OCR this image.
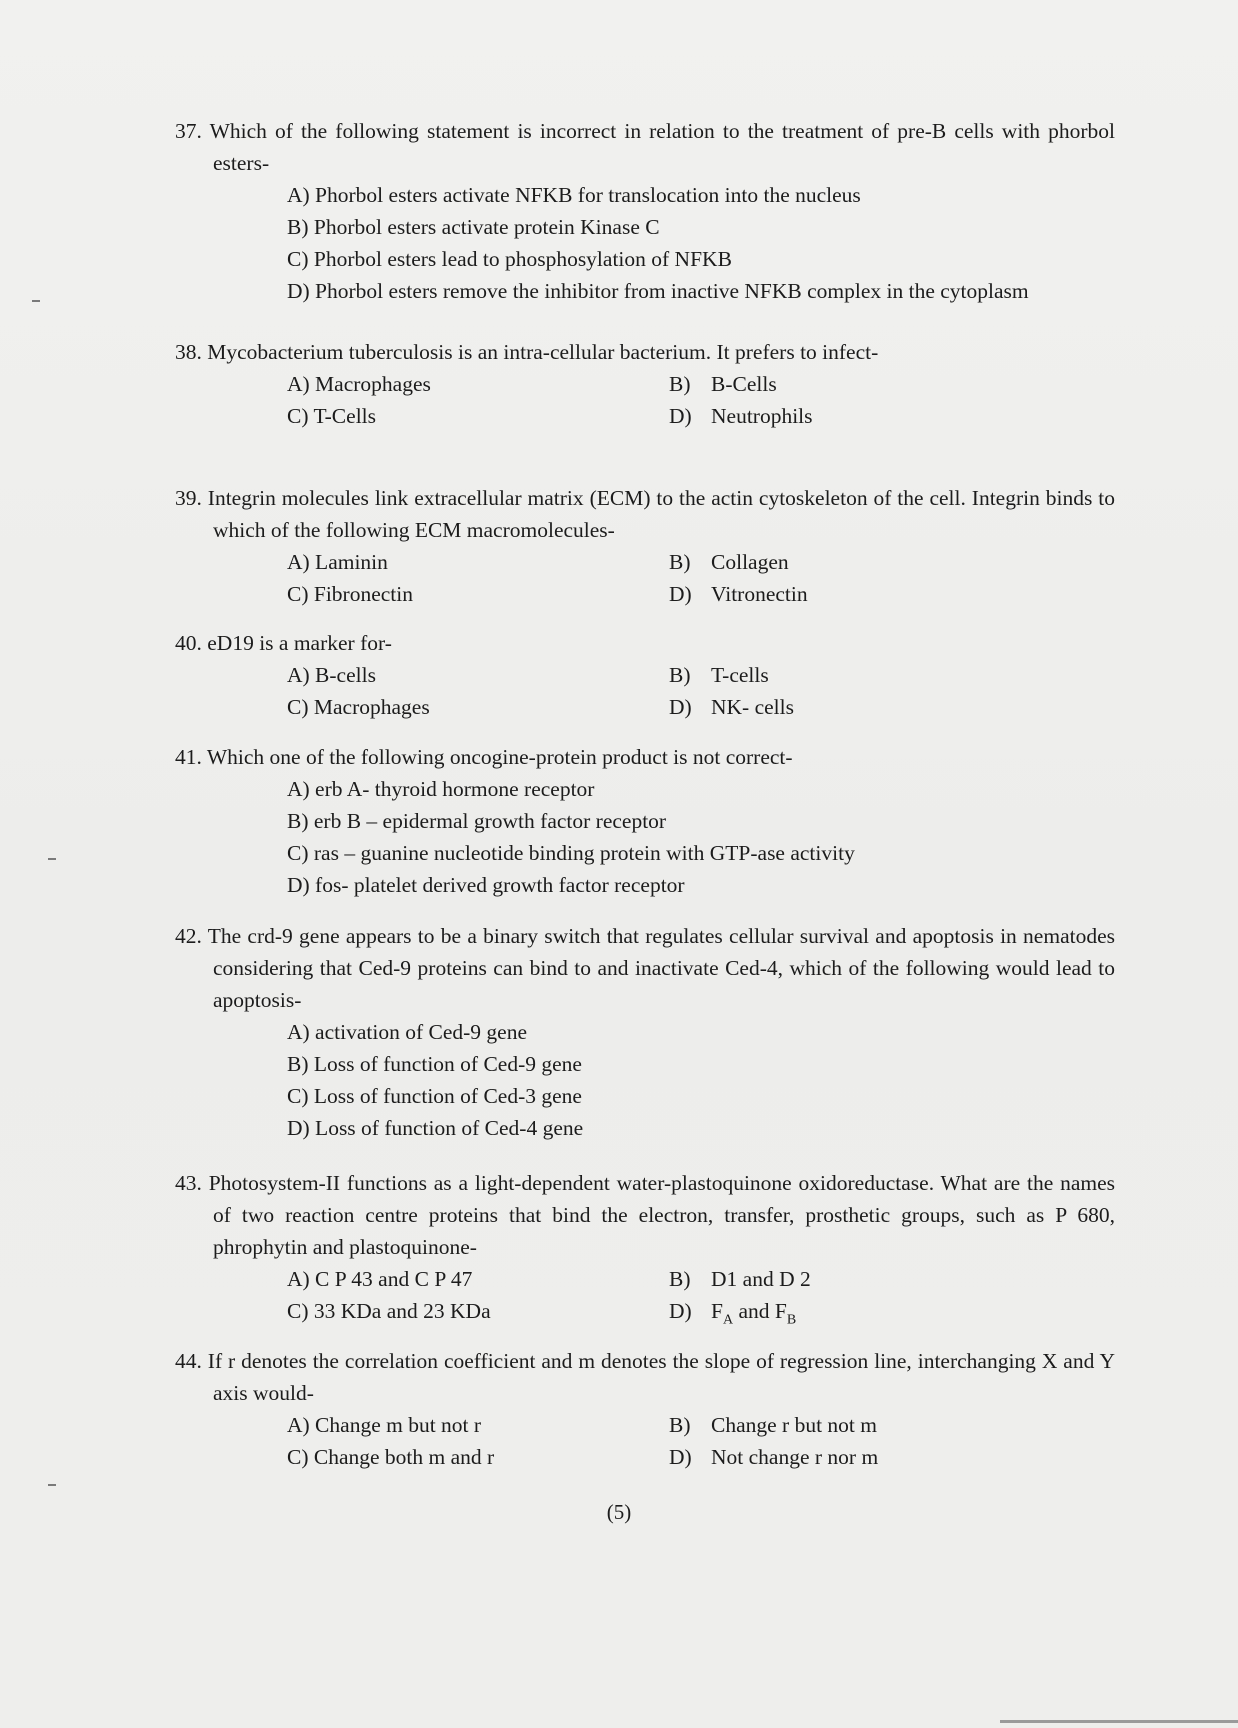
37. Which of the following statement is incorrect in relation to the treatment of pre-B cells with phorbol esters-
A) Phorbol esters activate NFKB for translocation into the nucleus
B) Phorbol esters activate protein Kinase C
C) Phorbol esters lead to phosphosylation of NFKB
D) Phorbol esters remove the inhibitor from inactive NFKB complex in the cytoplasm
38. Mycobacterium tuberculosis is an intra-cellular bacterium. It prefers to infect-
A) Macrophages	B) B-Cells
C) T-Cells	D) Neutrophils
39. Integrin molecules link extracellular matrix (ECM) to the actin cytoskeleton of the cell. Integrin binds to which of the following ECM macromolecules-
A) Laminin	B) Collagen
C) Fibronectin	D) Vitronectin
40. eD19 is a marker for-
A) B-cells	B) T-cells
C) Macrophages	D) NK- cells
41. Which one of the following oncogine-protein product is not correct-
A) erb A- thyroid hormone receptor
B) erb B – epidermal growth factor receptor
C) ras – guanine nucleotide binding protein with GTP-ase activity
D) fos- platelet derived growth factor receptor
42. The crd-9 gene appears to be a binary switch that regulates cellular survival and apoptosis in nematodes considering that Ced-9 proteins can bind to and inactivate Ced-4, which of the following would lead to apoptosis-
A) activation of Ced-9 gene
B) Loss of function of Ced-9 gene
C) Loss of function of Ced-3 gene
D) Loss of function of Ced-4 gene
43. Photosystem-II functions as a light-dependent water-plastoquinone oxidoreductase. What are the names of two reaction centre proteins that bind the electron, transfer, prosthetic groups, such as P 680, phrophytin and plastoquinone-
A) C P 43 and C P 47	B) D1 and D 2
C) 33 KDa and 23 KDa	D) $F_A$ and $F_B$
44. If r denotes the correlation coefficient and m denotes the slope of regression line, interchanging X and Y axis would-
A) Change m but not r	B) Change r but not m
C) Change both m and r	D) Not change r nor m
(5)
